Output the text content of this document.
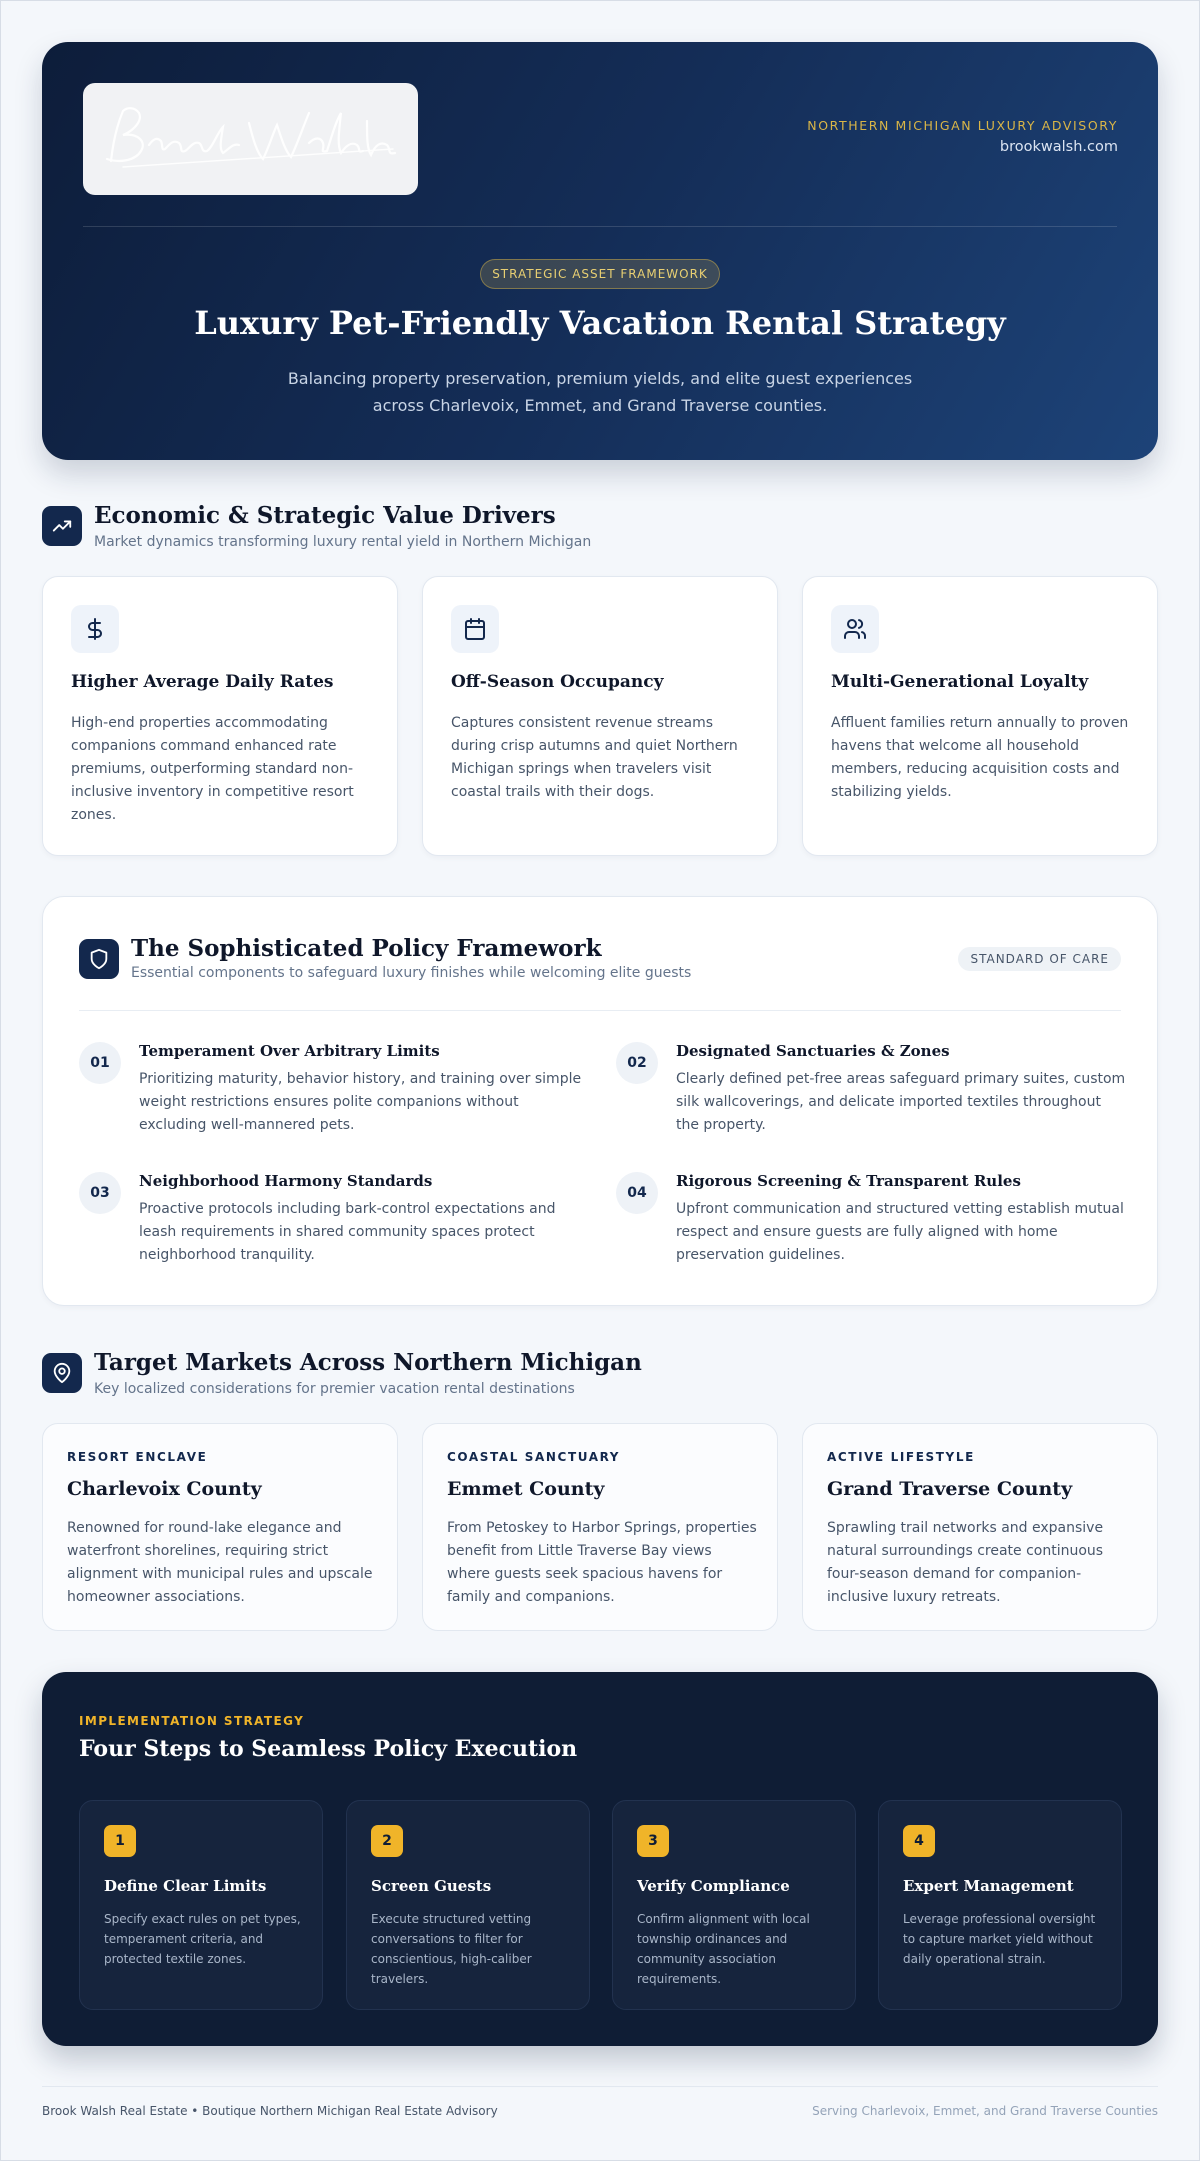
NORTHERN MICHIGAN LUXURY ADVISORY
brookwalsh.com
STRATEGIC ASSET FRAMEWORK
Luxury Pet-Friendly Vacation Rental Strategy

Balancing property preservation, premium yields, and elite guest experiences
across Charlevoix, Emmet, and Grand Traverse counties.

Economic & Strategic Value Drivers

Market dynamics transforming luxury rental yield in Northern Michigan

Higher Average Daily Rates

High-end properties accommodating companions command enhanced rate premiums, outperforming standard non-inclusive inventory in competitive resort zones.

Off-Season Occupancy

Captures consistent revenue streams during crisp autumns and quiet Northern Michigan springs when travelers visit coastal trails with their dogs.

Multi-Generational Loyalty

Affluent families return annually to proven havens that welcome all household members, reducing acquisition costs and stabilizing yields.

The Sophisticated Policy Framework

Essential components to safeguard luxury finishes while welcoming elite guests

STANDARD OF CARE
01
Temperament Over Arbitrary Limits

Prioritizing maturity, behavior history, and training over simple weight restrictions ensures polite companions without excluding well-mannered pets.

02
Designated Sanctuaries & Zones

Clearly defined pet-free areas safeguard primary suites, custom silk wallcoverings, and delicate imported textiles throughout the property.

03
Neighborhood Harmony Standards

Proactive protocols including bark-control expectations and leash requirements in shared community spaces protect neighborhood tranquility.

04
Rigorous Screening & Transparent Rules

Upfront communication and structured vetting establish mutual respect and ensure guests are fully aligned with home preservation guidelines.

Target Markets Across Northern Michigan

Key localized considerations for premier vacation rental destinations

RESORT ENCLAVE
Charlevoix County

Renowned for round-lake elegance and waterfront shorelines, requiring strict alignment with municipal rules and upscale homeowner associations.

COASTAL SANCTUARY
Emmet County

From Petoskey to Harbor Springs, properties benefit from Little Traverse Bay views where guests seek spacious havens for family and companions.

ACTIVE LIFESTYLE
Grand Traverse County

Sprawling trail networks and expansive natural surroundings create continuous four-season demand for companion-inclusive luxury retreats.

IMPLEMENTATION STRATEGY
Four Steps to Seamless Policy Execution
1
Define Clear Limits

Specify exact rules on pet types, temperament criteria, and protected textile zones.

2
Screen Guests

Execute structured vetting conversations to filter for conscientious, high-caliber travelers.

3
Verify Compliance

Confirm alignment with local township ordinances and community association requirements.

4
Expert Management

Leverage professional oversight to capture market yield without daily operational strain.

Brook Walsh Real Estate • Boutique Northern Michigan Real Estate Advisory	Serving Charlevoix, Emmet, and Grand Traverse Counties
